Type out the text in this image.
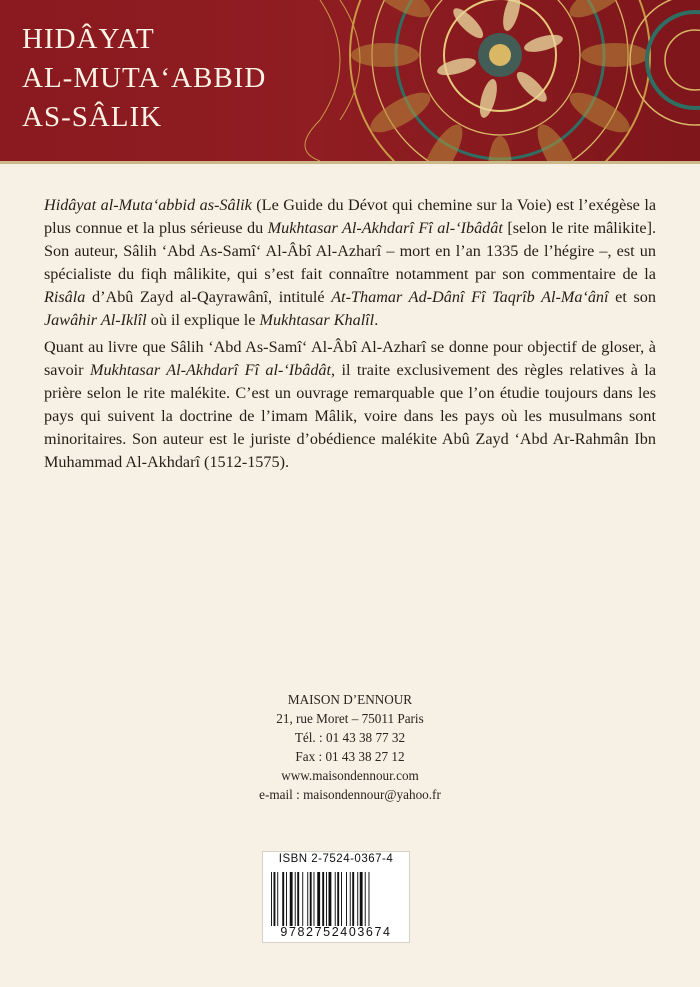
HIDÂYAT
AL-MUTA‘ABBID
AS-SÂLIK

Hidâyat al-Muta‘abbid as-Sâlik (Le Guide du Dévot qui chemine sur la Voie) est l’exégèse la plus connue et la plus sérieuse du Mukhtasar Al-Akhdarî Fî al-‘Ibâdât [selon le rite mâlikite]. Son auteur, Sâlih ‘Abd As-Samî‘ Al-Âbî Al-Azharî – mort en l’an 1335 de l’hégire –, est un spécialiste du fiqh mâlikite, qui s’est fait connaître notamment par son commentaire de la Risâla d’Abû Zayd al-Qayrawânî, intitulé At-Thamar Ad-Dânî Fî Taqrîb Al-Ma‘ânî et son Jawâhir Al-Iklîl où il explique le Mukhtasar Khalîl.

Quant au livre que Sâlih ‘Abd As-Samî‘ Al-Âbî Al-Azharî se donne pour objectif de gloser, à savoir Mukhtasar Al-Akhdarî Fî al-‘Ibâdât, il traite exclusivement des règles relatives à la prière selon le rite malékite. C’est un ouvrage remarquable que l’on étudie toujours dans les pays qui suivent la doctrine de l’imam Mâlik, voire dans les pays où les musulmans sont minoritaires. Son auteur est le juriste d’obédience malékite Abû Zayd ‘Abd Ar-Rahmân Ibn Muhammad Al-Akhdarî (1512-1575).

MAISON D’ENNOUR
21, rue Moret – 75011 Paris
Tél. : 01 43 38 77 32
Fax : 01 43 38 27 12
www.maisondennour.com
e-mail : maisondennour@yahoo.fr
ISBN 2-7524-0367-4
9782752403674
